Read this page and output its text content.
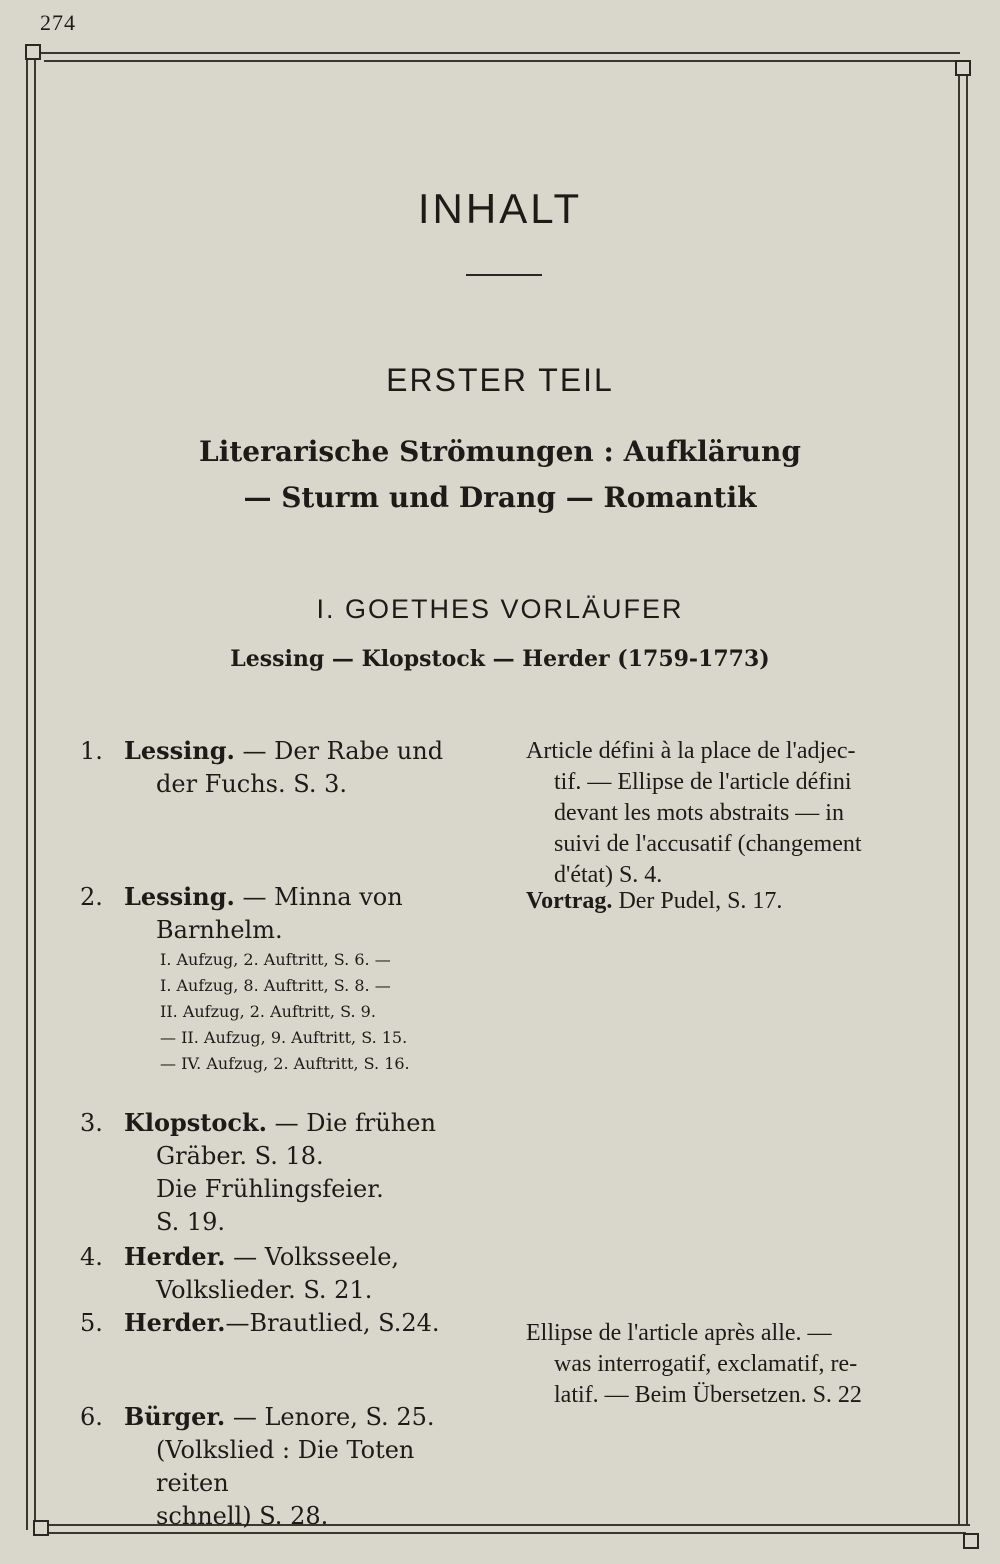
274
INHALT
ERSTER TEIL
Literarische Strömungen : Aufklärung
— Sturm und Drang — Romantik
I. GOETHES VORLÄUFER
Lessing — Klopstock — Herder (1759-1773)
1. Lessing. — Der Rabe und
der Fuchs. S. 3.
2. Lessing. — Minna von
Barnhelm.
I. Aufzug, 2. Auftritt, S. 6. —
I. Aufzug, 8. Auftritt, S. 8. —
II. Aufzug, 2. Auftritt, S. 9.
— II. Aufzug, 9. Auftritt, S. 15.
— IV. Aufzug, 2. Auftritt, S. 16.
3. Klopstock. — Die frühen
Gräber. S. 18.
Die Frühlingsfeier.
S. 19.
4. Herder. — Volksseele,
Volkslieder. S. 21.
5. Herder.—Brautlied, S.24.
6. Bürger. — Lenore, S. 25.
(Volkslied : Die Toten reiten
schnell) S. 28.
Article défini à la place de l'adjec-
tif. — Ellipse de l'article défini
devant les mots abstraits — in
suivi de l'accusatif (changement
d'état) S. 4.
Vortrag. Der Pudel, S. 17.
Ellipse de l'article après alle. —
was interrogatif, exclamatif, re-
latif. — Beim Übersetzen. S. 22
